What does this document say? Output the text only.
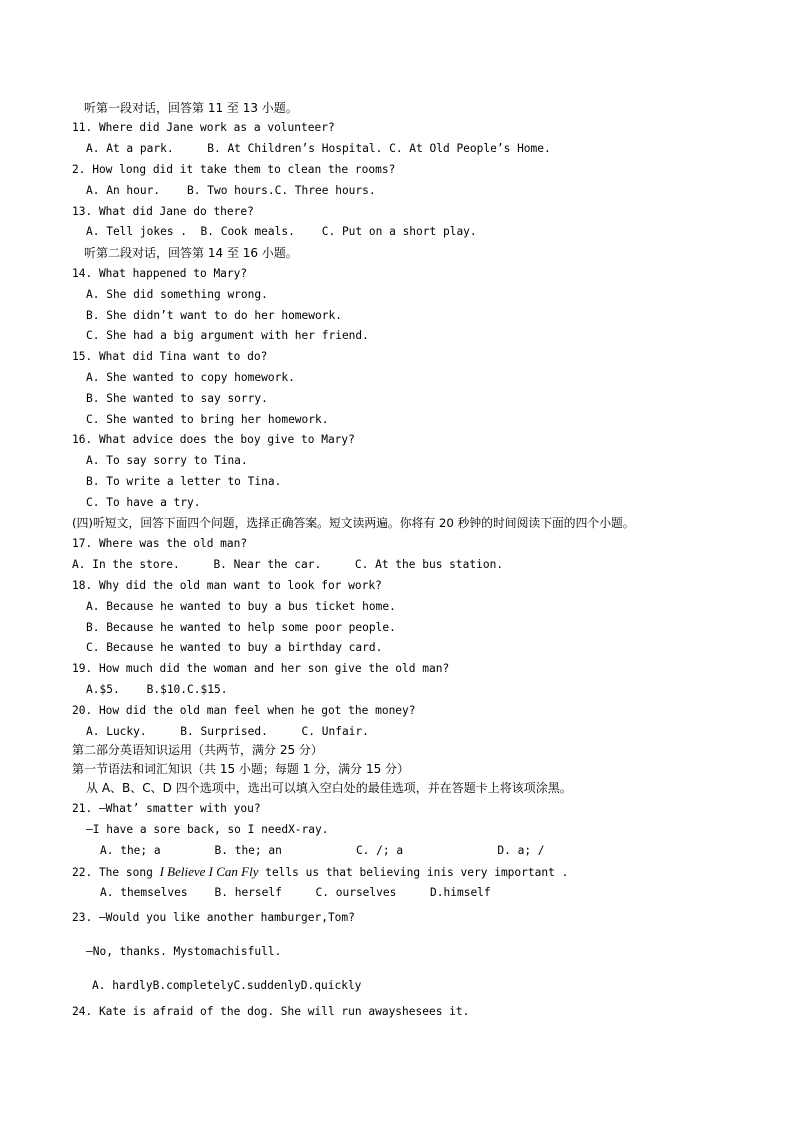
听第一段对话，回答第 11 至 13 小题。
11. Where did Jane work as a volunteer?
A. At a park.     B. At Children’s Hospital. C. At Old People’s Home.
2. How long did it take them to clean the rooms?
A. An hour.    B. Two hours.C. Three hours.
13. What did Jane do there?
A. Tell jokes .  B. Cook meals.    C. Put on a short play.
听第二段对话，回答第 14 至 16 小题。
14. What happened to Mary?
A. She did something wrong.
B. She didn’t want to do her homework.
C. She had a big argument with her friend.
15. What did Tina want to do?
A. She wanted to copy homework.
B. She wanted to say sorry.
C. She wanted to bring her homework.
16. What advice does the boy give to Mary?
A. To say sorry to Tina.
B. To write a letter to Tina.
C. To have a try.
(四)听短文，回答下面四个问题，选择正确答案。短文读两遍。你将有 20 秒钟的时间阅读下面的四个小题。
17. Where was the old man?
A. In the store.     B. Near the car.     C. At the bus station.
18. Why did the old man want to look for work?
A. Because he wanted to buy a bus ticket home.
B. Because he wanted to help some poor people.
C. Because he wanted to buy a birthday card.
19. How much did the woman and her son give the old man?
A.$5.    B.$10.C.$15.
20. How did the old man feel when he got the money?
A. Lucky.     B. Surprised.     C. Unfair.
第二部分英语知识运用（共两节，满分 25 分）
第一节语法和词汇知识（共 15 小题；每题 1 分，满分 15 分）
从 A、B、C、D 四个选项中，选出可以填入空白处的最佳选项，并在答题卡上将该项涂黑。
21. —What’ smatter with you?
—I have a sore back, so I needX-ray.
A. the; a        B. the; an           C. /; a              D. a; /
22. The song I Believe I Can Fly tells us that believing inis very important .
A. themselves    B. herself     C. ourselves     D.himself
23. —Would you like another hamburger,Tom?
—No, thanks. Mystomachisfull.
A. hardlyB.completelyC.suddenlyD.quickly
24. Kate is afraid of the dog. She will run awayshesees it.
